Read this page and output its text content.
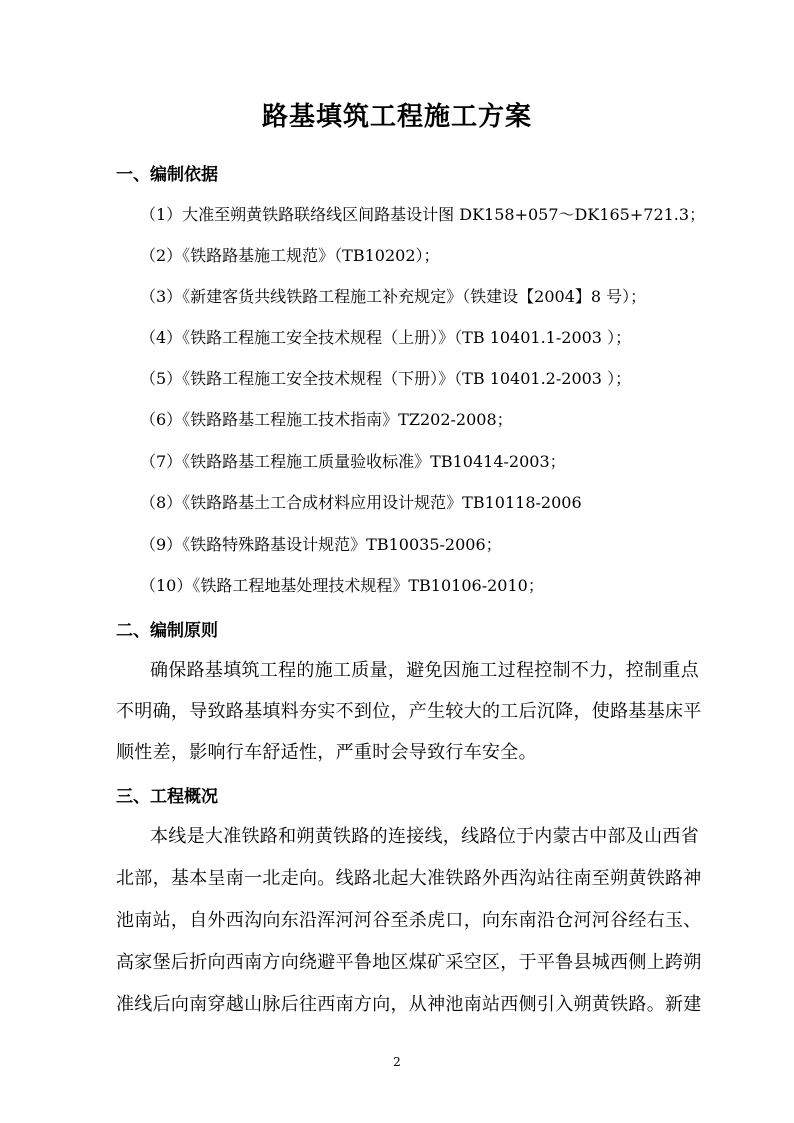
路基填筑工程施工方案
一、编制依据
（1）大准至朔黄铁路联络线区间路基设计图 DK158+057～DK165+721.3；
（2）《铁路路基施工规范》（TB10202）；
（3）《新建客货共线铁路工程施工补充规定》（铁建设【2004】8 号）；
（4）《铁路工程施工安全技术规程（上册）》（TB 10401.1-2003 ）；
（5）《铁路工程施工安全技术规程（下册）》（TB 10401.2-2003 ）；
（6）《铁路路基工程施工技术指南》TZ202-2008；
（7）《铁路路基工程施工质量验收标准》TB10414-2003；
（8）《铁路路基土工合成材料应用设计规范》TB10118-2006
（9）《铁路特殊路基设计规范》TB10035-2006；
（10）《铁路工程地基处理技术规程》TB10106-2010；
二、编制原则
确保路基填筑工程的施工质量，避免因施工过程控制不力，控制重点
不明确，导致路基填料夯实不到位，产生较大的工后沉降，使路基基床平
顺性差，影响行车舒适性，严重时会导致行车安全。
三、工程概况
本线是大准铁路和朔黄铁路的连接线，线路位于内蒙古中部及山西省
北部，基本呈南一北走向。线路北起大准铁路外西沟站往南至朔黄铁路神
池南站，自外西沟向东沿浑河河谷至杀虎口，向东南沿仓河河谷经右玉、
高家堡后折向西南方向绕避平鲁地区煤矿采空区，于平鲁县城西侧上跨朔
准线后向南穿越山脉后往西南方向，从神池南站西侧引入朔黄铁路。新建
2
